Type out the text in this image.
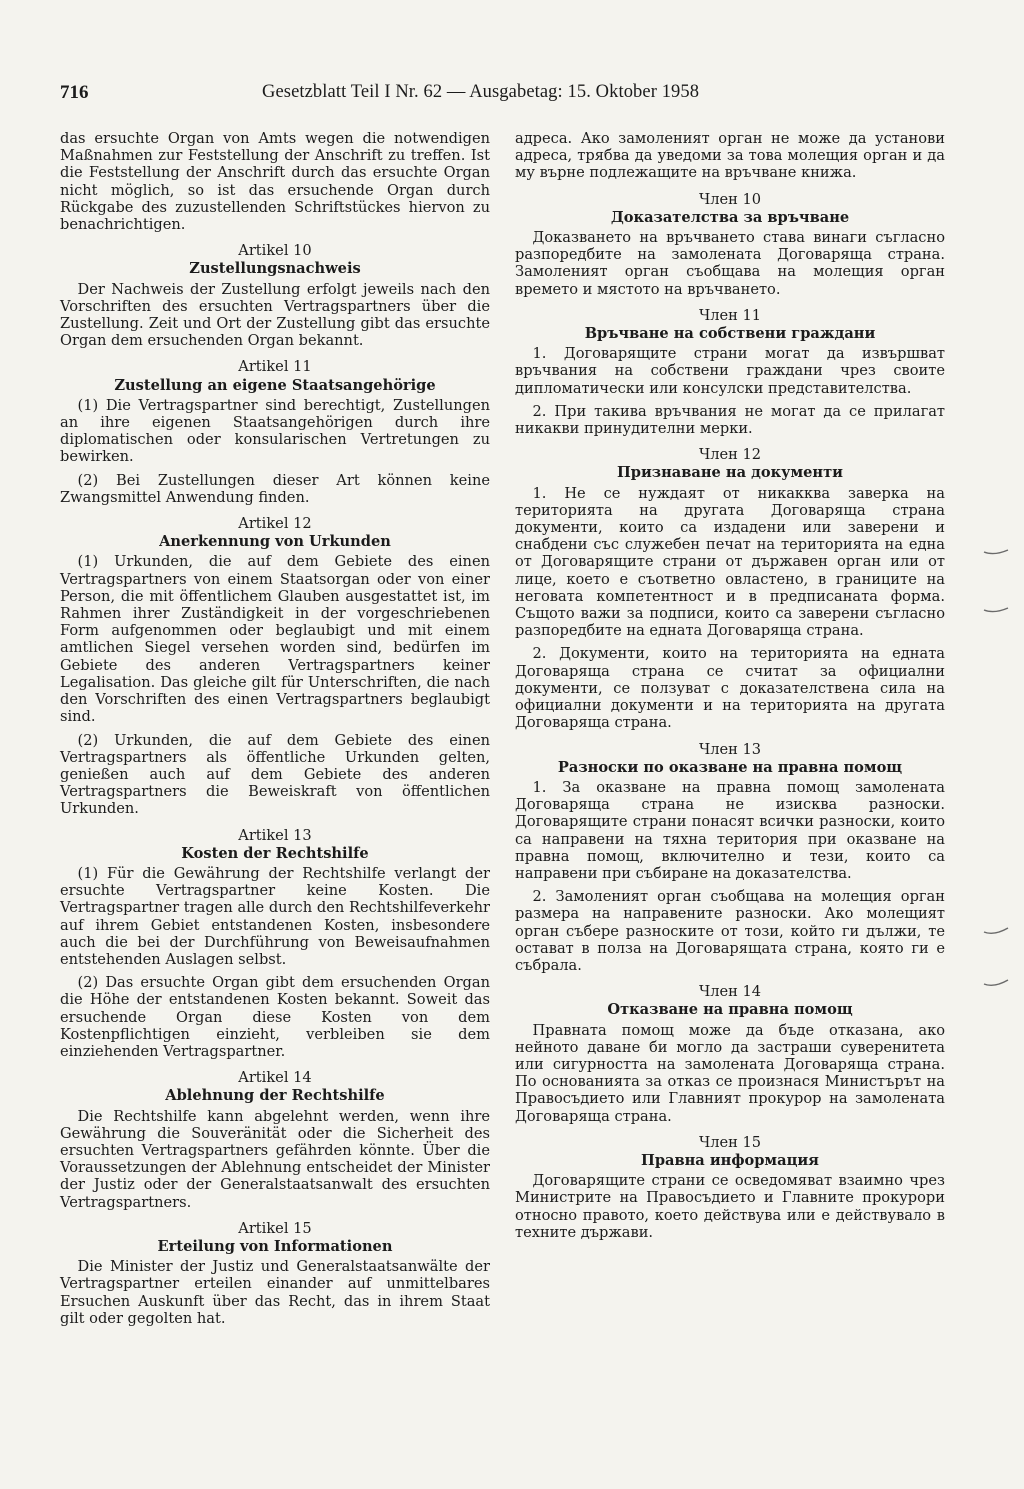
716	Gesetzblatt Teil I Nr. 62 — Ausgabetag: 15. Oktober 1958

das ersuchte Organ von Amts wegen die notwendigen Maßnahmen zur Feststellung der Anschrift zu treffen. Ist die Feststellung der Anschrift durch das ersuchte Organ nicht möglich, so ist das ersuchende Organ durch Rückgabe des zuzustellenden Schriftstückes hiervon zu benachrichtigen.

Artikel 10
Zustellungsnachweis

Der Nachweis der Zustellung erfolgt jeweils nach den Vorschriften des ersuchten Vertragspartners über die Zustellung. Zeit und Ort der Zustellung gibt das ersuchte Organ dem ersuchenden Organ bekannt.

Artikel 11
Zustellung an eigene Staatsangehörige

(1) Die Vertragspartner sind berechtigt, Zustellungen an ihre eigenen Staatsangehörigen durch ihre diplomatischen oder konsularischen Vertretungen zu bewirken.

(2) Bei Zustellungen dieser Art können keine Zwangsmittel Anwendung finden.

Artikel 12
Anerkennung von Urkunden

(1) Urkunden, die auf dem Gebiete des einen Vertragspartners von einem Staatsorgan oder von einer Person, die mit öffentlichem Glauben ausgestattet ist, im Rahmen ihrer Zuständigkeit in der vorgeschriebenen Form aufgenommen oder beglaubigt und mit einem amtlichen Siegel versehen worden sind, bedürfen im Gebiete des anderen Vertragspartners keiner Legalisation. Das gleiche gilt für Unterschriften, die nach den Vorschriften des einen Vertragspartners beglaubigt sind.

(2) Urkunden, die auf dem Gebiete des einen Vertragspartners als öffentliche Urkunden gelten, genießen auch auf dem Gebiete des anderen Vertragspartners die Beweiskraft von öffentlichen Urkunden.

Artikel 13
Kosten der Rechtshilfe

(1) Für die Gewährung der Rechtshilfe verlangt der ersuchte Vertragspartner keine Kosten. Die Vertragspartner tragen alle durch den Rechtshilfeverkehr auf ihrem Gebiet entstandenen Kosten, insbesondere auch die bei der Durchführung von Beweisaufnahmen entstehenden Auslagen selbst.

(2) Das ersuchte Organ gibt dem ersuchenden Organ die Höhe der entstandenen Kosten bekannt. Soweit das ersuchende Organ diese Kosten von dem Kostenpflichtigen einzieht, verbleiben sie dem einziehenden Vertragspartner.

Artikel 14
Ablehnung der Rechtshilfe

Die Rechtshilfe kann abgelehnt werden, wenn ihre Gewährung die Souveränität oder die Sicherheit des ersuchten Vertragspartners gefährden könnte. Über die Voraussetzungen der Ablehnung entscheidet der Minister der Justiz oder der Generalstaatsanwalt des ersuchten Vertragspartners.

Artikel 15
Erteilung von Informationen

Die Minister der Justiz und Generalstaatsanwälte der Vertragspartner erteilen einander auf unmittelbares Ersuchen Auskunft über das Recht, das in ihrem Staat gilt oder gegolten hat.

адреса. Ако замоленият орган не може да установи адреса, трябва да уведоми за това молещия орган и да му върне подлежащите на връчване книжа.

Член 10
Доказателства за връчване

Доказването на връчването става винаги съгласно разпоредбите на замолената Договаряща страна. Замоленият орган съобщава на молещия орган времето и мястото на връчването.

Член 11
Връчване на собствени граждани

1. Договарящите страни могат да извършват връчвания на собствени граждани чрез своите дипломатически или консулски представителства.

2. При такива връчвания не могат да се прилагат никакви принудителни мерки.

Член 12
Признаване на документи

1. Не се нуждаят от никакква заверка на територията на другата Договаряща страна документи, които са издадени или заверени и снабдени със служебен печат на територията на една от Договарящите страни от държавен орган или от лице, което е съответно овластено, в границите на неговата компетентност и в предписаната форма. Същото важи за подписи, които са заверени съгласно разпоредбите на едната Договаряща страна.

2. Документи, които на територията на едната Договаряща страна се считат за официални документи, се ползуват с доказателствена сила на официални документи и на територията на другата Договаряща страна.

Член 13
Разноски по оказване на правна помощ

1. За оказване на правна помощ замолената Договаряща страна не изисква разноски. Договарящите страни понасят всички разноски, които са направени на тяхна територия при оказване на правна помощ, включително и тези, които са направени при събиране на доказателства.

2. Замоленият орган съобщава на молещия орган размера на направените разноски. Ако молещият орган събере разноските от този, който ги дължи, те остават в полза на Договарящата страна, която ги е събрала.

Член 14
Отказване на правна помощ

Правната помощ може да бъде отказана, ако нейното даване би могло да застраши суверенитета или сигурността на замолената Договаряща страна. По основанията за отказ се произнася Министърът на Правосъдието или Главният прокурор на замолената Договаряща страна.

Член 15
Правна информация

Договарящите страни се осведомяват взаимно чрез Министрите на Правосъдието и Главните прокурори относно правото, което действува или е действувало в техните държави.
